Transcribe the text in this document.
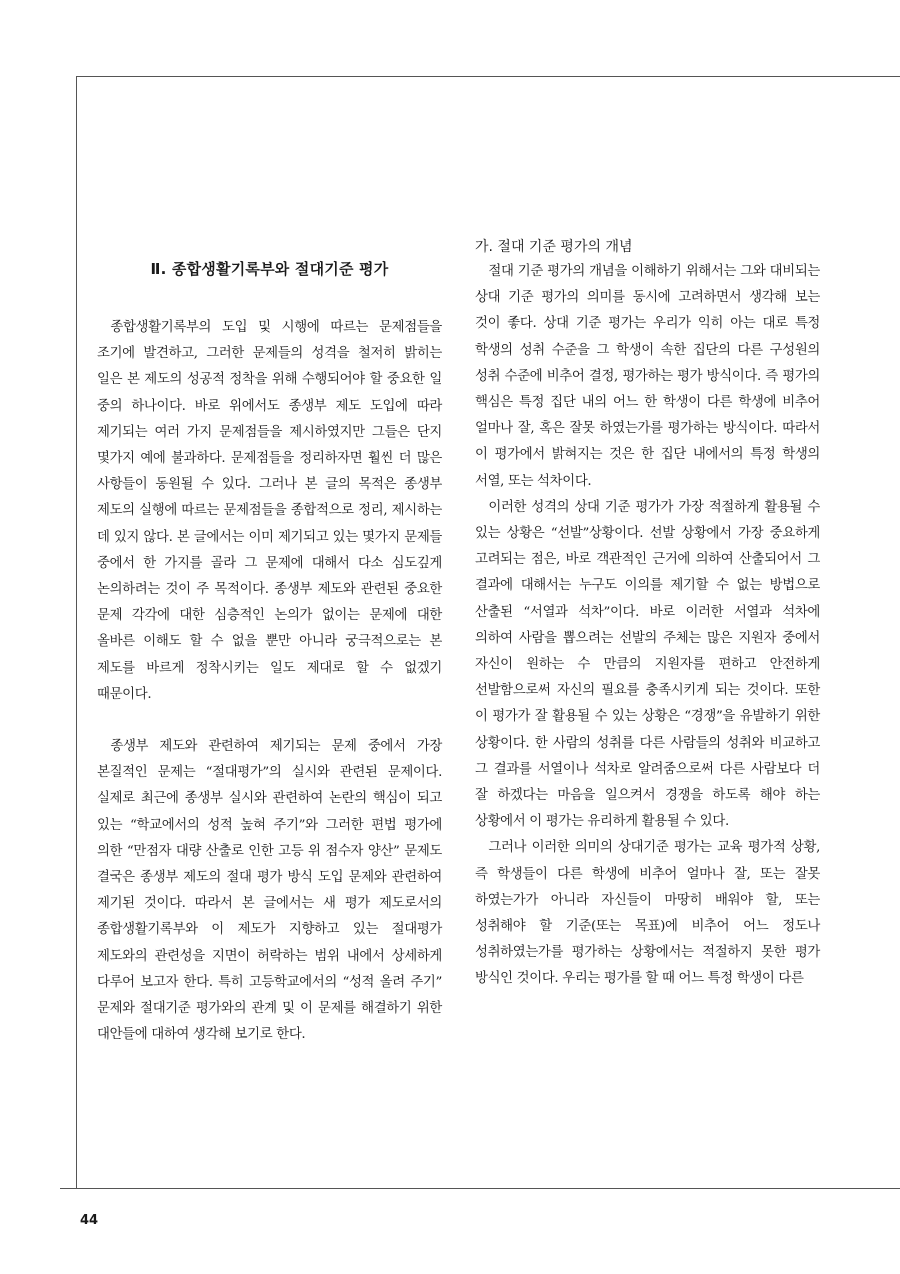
Ⅱ. 종합생활기록부와 절대기준 평가

종합생활기록부의 도입 및 시행에 따르는 문제점들을 조기에 발견하고, 그러한 문제들의 성격을 철저히 밝히는 일은 본 제도의 성공적 정착을 위해 수행되어야 할 중요한 일 중의 하나이다. 바로 위에서도 종생부 제도 도입에 따라 제기되는 여러 가지 문제점들을 제시하였지만 그들은 단지 몇가지 예에 불과하다. 문제점들을 정리하자면 훨씬 더 많은 사항들이 동원될 수 있다. 그러나 본 글의 목적은 종생부 제도의 실행에 따르는 문제점들을 종합적으로 정리, 제시하는 데 있지 않다. 본 글에서는 이미 제기되고 있는 몇가지 문제들 중에서 한 가지를 골라 그 문제에 대해서 다소 심도깊게 논의하려는 것이 주 목적이다. 종생부 제도와 관련된 중요한 문제 각각에 대한 심층적인 논의가 없이는 문제에 대한 올바른 이해도 할 수 없을 뿐만 아니라 궁극적으로는 본 제도를 바르게 정착시키는 일도 제대로 할 수 없겠기 때문이다.

종생부 제도와 관련하여 제기되는 문제 중에서 가장 본질적인 문제는 “절대평가”의 실시와 관련된 문제이다. 실제로 최근에 종생부 실시와 관련하여 논란의 핵심이 되고 있는 “학교에서의 성적 높혀 주기”와 그러한 편법 평가에 의한 “만점자 대량 산출로 인한 고등 위 점수자 양산” 문제도 결국은 종생부 제도의 절대 평가 방식 도입 문제와 관련하여 제기된 것이다. 따라서 본 글에서는 새 평가 제도로서의 종합생활기록부와 이 제도가 지향하고 있는 절대평가 제도와의 관련성을 지면이 허락하는 범위 내에서 상세하게 다루어 보고자 한다. 특히 고등학교에서의 “성적 올려 주기” 문제와 절대기준 평가와의 관계 및 이 문제를 해결하기 위한 대안들에 대하여 생각해 보기로 한다.

가. 절대 기준 평가의 개념

절대 기준 평가의 개념을 이해하기 위해서는 그와 대비되는 상대 기준 평가의 의미를 동시에 고려하면서 생각해 보는 것이 좋다. 상대 기준 평가는 우리가 익히 아는 대로 특정 학생의 성취 수준을 그 학생이 속한 집단의 다른 구성원의 성취 수준에 비추어 결정, 평가하는 평가 방식이다. 즉 평가의 핵심은 특정 집단 내의 어느 한 학생이 다른 학생에 비추어 얼마나 잘, 혹은 잘못 하였는가를 평가하는 방식이다. 따라서 이 평가에서 밝혀지는 것은 한 집단 내에서의 특정 학생의 서열, 또는 석차이다.

이러한 성격의 상대 기준 평가가 가장 적절하게 활용될 수 있는 상황은 “선발”상황이다. 선발 상황에서 가장 중요하게 고려되는 점은, 바로 객관적인 근거에 의하여 산출되어서 그 결과에 대해서는 누구도 이의를 제기할 수 없는 방법으로 산출된 “서열과 석차”이다. 바로 이러한 서열과 석차에 의하여 사람을 뽑으려는 선발의 주체는 많은 지원자 중에서 자신이 원하는 수 만큼의 지원자를 편하고 안전하게 선발함으로써 자신의 필요를 충족시키게 되는 것이다. 또한 이 평가가 잘 활용될 수 있는 상황은 “경쟁”을 유발하기 위한 상황이다. 한 사람의 성취를 다른 사람들의 성취와 비교하고 그 결과를 서열이나 석차로 알려줌으로써 다른 사람보다 더 잘 하겠다는 마음을 일으켜서 경쟁을 하도록 해야 하는 상황에서 이 평가는 유리하게 활용될 수 있다.

그러나 이러한 의미의 상대기준 평가는 교육 평가적 상황, 즉 학생들이 다른 학생에 비추어 얼마나 잘, 또는 잘못 하였는가가 아니라 자신들이 마땅히 배워야 할, 또는 성취해야 할 기준(또는 목표)에 비추어 어느 정도나 성취하였는가를 평가하는 상황에서는 적절하지 못한 평가 방식인 것이다. 우리는 평가를 할 때 어느 특정 학생이 다른

44
